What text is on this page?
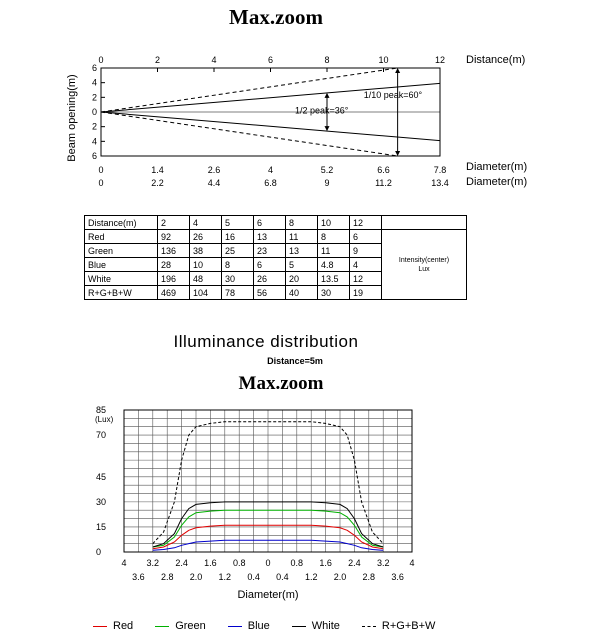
Max.zoom
0	2	4	6	8	10	12 Distance(m)
6
4
2
0
2
4
6
1/2 peak=36°
1/10 peak=60°
0	1.4	2.6	4	5.2	6.6	7.8
0	2.2	4.4	6.8	9	11.2	13.4
Diameter(m)
Diameter(m)
Beam opening(m)
Distance(m)	2	4	5	6	8	10	12	
Red	92	26	16	13	11	8	6	Intensity(center)
Lux

Green	136	38	25	23	13	11	9	
Blue	28	10	8	6	5	4.8	4	
White	196	48	30	26	20	13.5	12	
R+G+B+W	469	104	78	56	40	30	19	
Illuminance distribution
Distance=5m
Max.zoom
85
70
45
30
15
0
(Lux)
4 3.2 2.4 1.6 0.8 0 0.8 1.6 2.4 3.2 4
3.6 2.8 2.0 1.2 0.4 0.4 1.2 2.0 2.8 3.6
Diameter(m)
Red	Green	Blue	White	R+G+B+W
